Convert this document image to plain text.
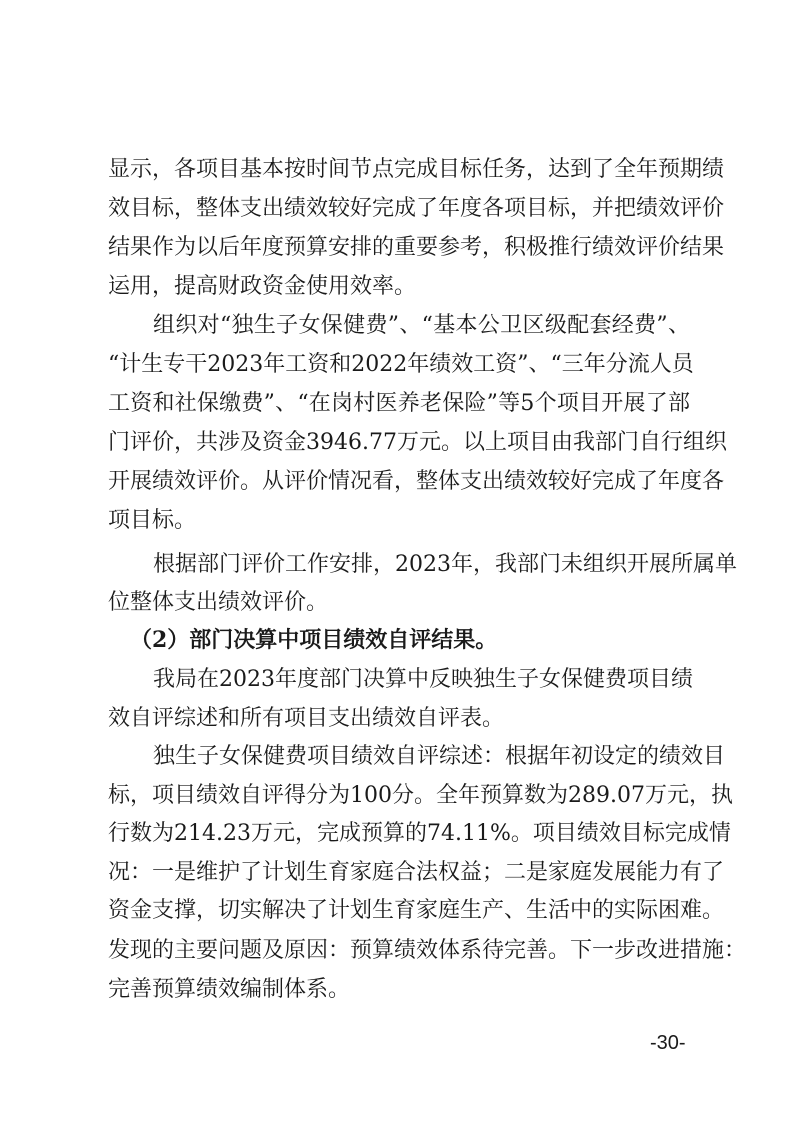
显示，各项目基本按时间节点完成目标任务，达到了全年预期绩
效目标，整体支出绩效较好完成了年度各项目标，并把绩效评价
结果作为以后年度预算安排的重要参考，积极推行绩效评价结果
运用，提高财政资金使用效率。
组织对“独生子女保健费”、“基本公卫区级配套经费”、
“计生专干2023年工资和2022年绩效工资”、“三年分流人员
工资和社保缴费”、“在岗村医养老保险”等5个项目开展了部
门评价，共涉及资金3946.77万元。以上项目由我部门自行组织
开展绩效评价。从评价情况看，整体支出绩效较好完成了年度各
项目标。
根据部门评价工作安排，2023年，我部门未组织开展所属单
位整体支出绩效评价。
（2）部门决算中项目绩效自评结果。
我局在2023年度部门决算中反映独生子女保健费项目绩
效自评综述和所有项目支出绩效自评表。
独生子女保健费项目绩效自评综述：根据年初设定的绩效目
标，项目绩效自评得分为100分。全年预算数为289.07万元，执
行数为214.23万元，完成预算的74.11%。项目绩效目标完成情
况：一是维护了计划生育家庭合法权益；二是家庭发展能力有了
资金支撑，切实解决了计划生育家庭生产、生活中的实际困难。
发现的主要问题及原因：预算绩效体系待完善。下一步改进措施：
完善预算绩效编制体系。
-30-
